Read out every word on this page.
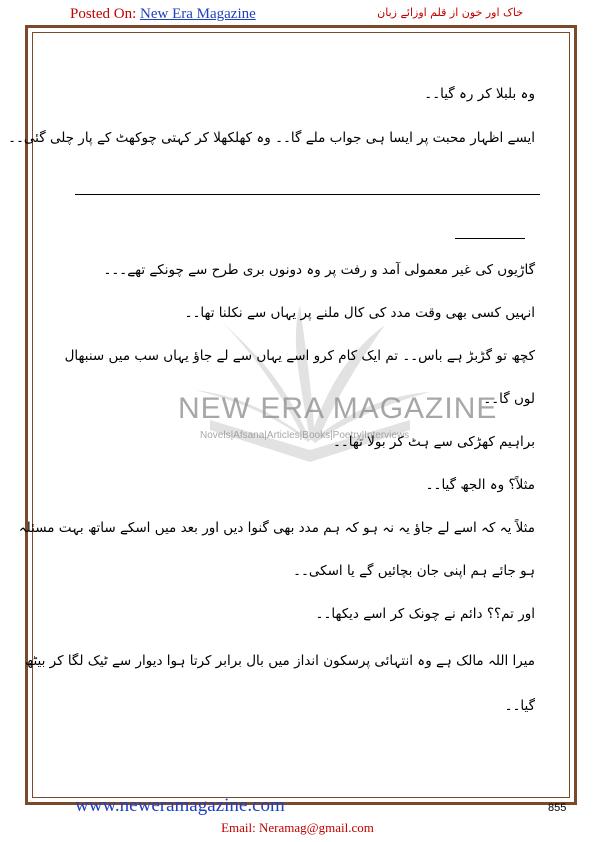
Posted On: New Era Magazine	خاک اور خون از قلم اوزائے زبان
NEW ERA MAGAZINE
Novels|Afsana|Articles|Books|Poetry|Interviews
وہ بلبلا کر رہ گیا۔۔
ایسے اظہار محبت پر ایسا ہی جواب ملے گا۔۔ وہ کھلکھلا کر کہتی چوکھٹ کے پار چلی گئی۔۔
گاڑیوں کی غیر معمولی آمد و رفت پر وہ دونوں بری طرح سے چونکے تھے۔۔۔
انہیں کسی بھی وقت مدد کی کال ملنے پر یہاں سے نکلنا تھا۔۔
کچھ تو گڑبڑ ہے باس۔۔ تم ایک کام کرو اسے یہاں سے لے جاؤ یہاں سب میں سنبھال
لوں گا۔۔
براہیم کھڑکی سے ہٹ کر بولا تھا۔۔
مثلاً؟ وہ الجھ گیا۔۔
مثلاً یہ کہ اسے لے جاؤ یہ نہ ہو کہ ہم مدد بھی گنوا دیں اور بعد میں اسکے ساتھ بہت مسئلہ
ہو جائے ہم اپنی جان بچائیں گے یا اسکی۔۔
اور تم؟؟ دائم نے چونک کر اسے دیکھا۔۔
میرا اللہ مالک ہے وہ انتہائی پرسکون انداز میں بال برابر کرتا ہوا دیوار سے ٹیک لگا کر بیٹھ
گیا۔۔
www.neweramagazine.com	855
Email: Neramag@gmail.com
